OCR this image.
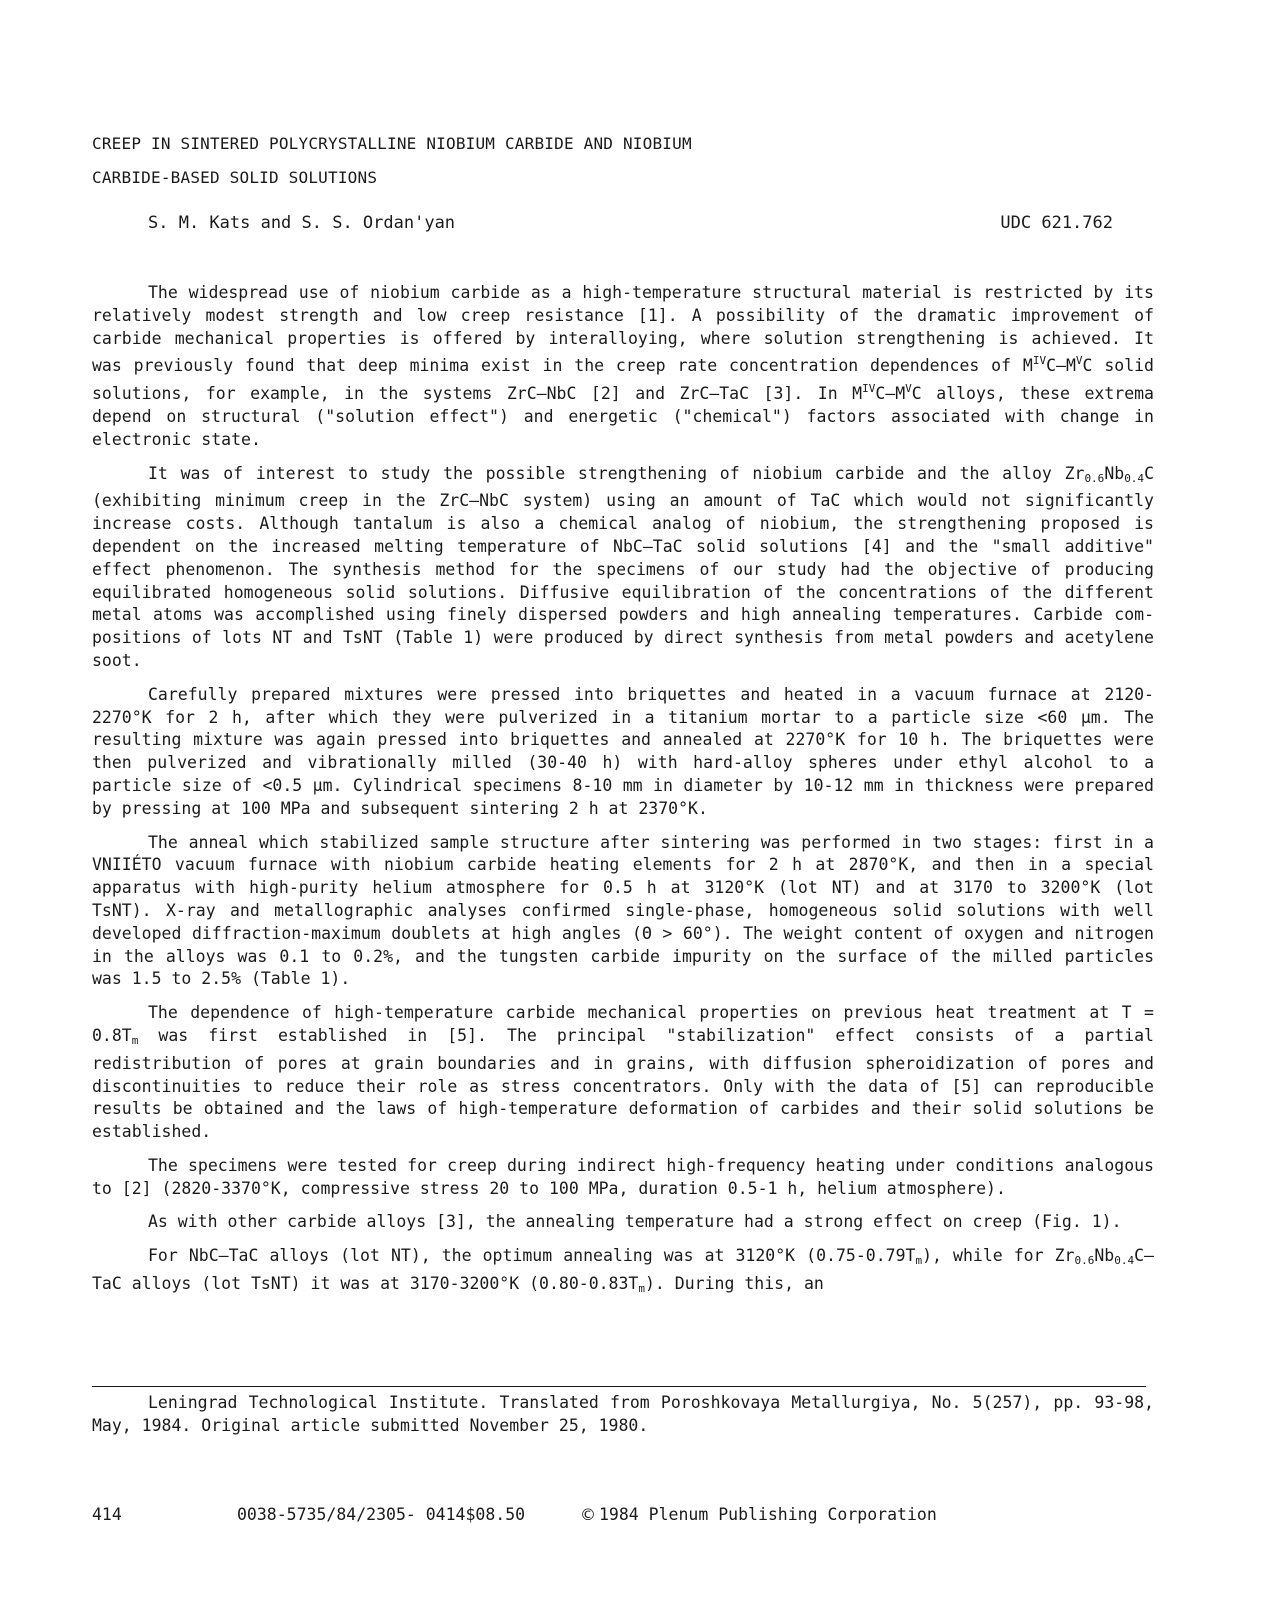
CREEP IN SINTERED POLYCRYSTALLINE NIOBIUM CARBIDE AND NIOBIUM
CARBIDE-BASED SOLID SOLUTIONS
S. M. Kats and S. S. Ordan'yan	UDC 621.762

The widespread use of niobium carbide as a high-temperature structural material is restricted by its relatively modest strength and low creep resistance [1]. A possibility of the dramatic improvement of carbide mechanical properties is offered by interalloying, where solution strengthening is achieved. It was previously found that deep minima exist in the creep rate concentration dependences of $M^{IV}C—M^VC$ solid solutions, for example, in the systems ZrC—NbC [2] and ZrC—TaC [3]. In $M^{IV}C—M^VC$ alloys, these extrema depend on structural ("solution effect") and energetic ("chemical") factors associated with change in electronic state.

It was of interest to study the possible strengthening of niobium carbide and the alloy $Zr_{0.6}Nb_{0.4}C$ (exhibiting minimum creep in the ZrC—NbC system) using an amount of TaC which would not significantly increase costs. Although tantalum is also a chemical analog of niobium, the strengthening proposed is dependent on the increased melting temperature of NbC—TaC solid solutions [4] and the "small additive" effect phenomenon. The synthesis method for the specimens of our study had the objective of producing equilibrated homogeneous solid solutions. Diffusive equilibration of the concentrations of the different metal atoms was accomplished using finely dispersed powders and high annealing temperatures. Carbide compositions of lots NT and TsNT (Table 1) were produced by direct synthesis from metal powders and acetylene soot.

Carefully prepared mixtures were pressed into briquettes and heated in a vacuum furnace at 2120-2270°K for 2 h, after which they were pulverized in a titanium mortar to a particle size <60 μm. The resulting mixture was again pressed into briquettes and annealed at 2270°K for 10 h. The briquettes were then pulverized and vibrationally milled (30-40 h) with hard-alloy spheres under ethyl alcohol to a particle size of <0.5 μm. Cylindrical specimens 8-10 mm in diameter by 10-12 mm in thickness were prepared by pressing at 100 MPa and subsequent sintering 2 h at 2370°K.

The anneal which stabilized sample structure after sintering was performed in two stages: first in a VNIIÉTO vacuum furnace with niobium carbide heating elements for 2 h at 2870°K, and then in a special apparatus with high-purity helium atmosphere for 0.5 h at 3120°K (lot NT) and at 3170 to 3200°K (lot TsNT). X-ray and metallographic analyses confirmed single-phase, homogeneous solid solutions with well developed diffraction-maximum doublets at high angles (Θ > 60°). The weight content of oxygen and nitrogen in the alloys was 0.1 to 0.2%, and the tungsten carbide impurity on the surface of the milled particles was 1.5 to 2.5% (Table 1).

The dependence of high-temperature carbide mechanical properties on previous heat treatment at $T = 0.8T_m$ was first established in [5]. The principal "stabilization" effect consists of a partial redistribution of pores at grain boundaries and in grains, with diffusion spheroidization of pores and discontinuities to reduce their role as stress concentrators. Only with the data of [5] can reproducible results be obtained and the laws of high-temperature deformation of carbides and their solid solutions be established.

The specimens were tested for creep during indirect high-frequency heating under conditions analogous to [2] (2820-3370°K, compressive stress 20 to 100 MPa, duration 0.5-1 h, helium atmosphere).

As with other carbide alloys [3], the annealing temperature had a strong effect on creep (Fig. 1).

For NbC—TaC alloys (lot NT), the optimum annealing was at 3120°K $(0.75-0.79T_m)$, while for $Zr_{0.6}Nb_{0.4}C—TaC$ alloys (lot TsNT) it was at 3170-3200°K $(0.80-0.83T_m)$. During this, an

Leningrad Technological Institute. Translated from Poroshkovaya Metallurgiya, No. 5(257), pp. 93-98, May, 1984. Original article submitted November 25, 1980.

414	0038-5735/84/2305- 0414$08.50	© 1984 Plenum Publishing Corporation
